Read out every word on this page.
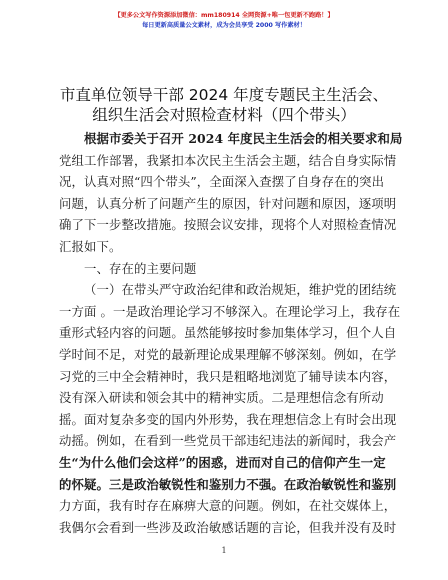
【更多公文写作资源添加微信：mm180914 全网资源+唯一包更新不跑路！】
每日更新高质量公文素材，成为会员享受 2000 写作素材！
市直单位领导干部 2024 年度专题民主生活会、
组织生活会对照检查材料（四个带头）
根据市委关于召开 2024 年度民主生活会的相关要求和局
党组工作部署，我紧扣本次民主生活会主题，结合自身实际情
况，认真对照“四个带头”，全面深入查摆了自身存在的突出
问题，认真分析了问题产生的原因，针对问题和原因，逐项明
确了下一步整改措施。按照会议安排，现将个人对照检查情况
汇报如下。
一、存在的主要问题
（一）在带头严守政治纪律和政治规矩，维护党的团结统
一方面 。一是政治理论学习不够深入。在理论学习上，我存在
重形式轻内容的问题。虽然能够按时参加集体学习，但个人自
学时间不足，对党的最新理论成果理解不够深刻。例如，在学
习党的三中全会精神时，我只是粗略地浏览了辅导读本内容，
没有深入研读和领会其中的精神实质。二是理想信念有所动
摇。面对复杂多变的国内外形势，我在理想信念上有时会出现
动摇。例如，在看到一些党员干部违纪违法的新闻时，我会产
生“为什么他们会这样”的困惑，进而对自己的信仰产生一定
的怀疑。三是政治敏锐性和鉴别力不强。在政治敏锐性和鉴别
力方面，我有时存在麻痹大意的问题。例如，在社交媒体上，
我偶尔会看到一些涉及政治敏感话题的言论，但我并没有及时
1
